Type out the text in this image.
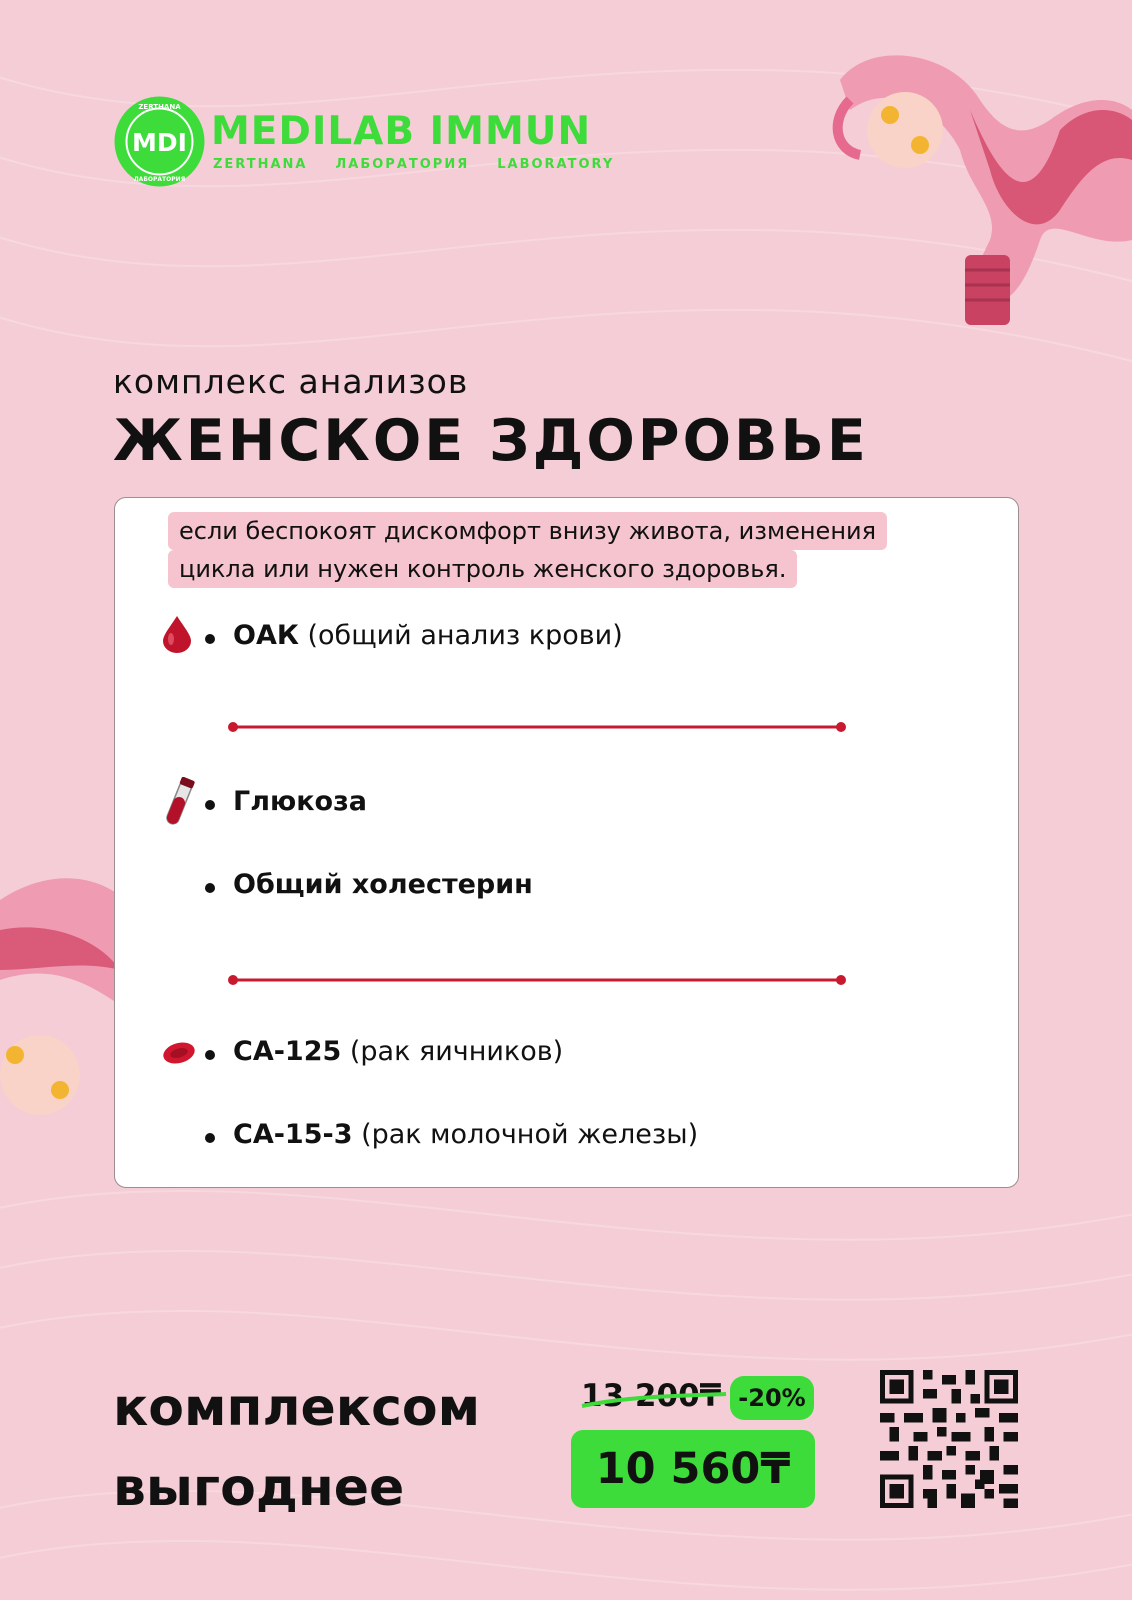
MDI
ZERTHANA
ЛАБОРАТОРИЯ
MEDILAB IMMUN
ZERTHANA ЛАБОРАТОРИЯ LABORATORY
комплекс анализов
ЖЕНСКОЕ ЗДОРОВЬЕ
если беспокоят дискомфорт внизу живота, изменения
цикла или нужен контроль женского здоровья.
ОАК (общий анализ крови)
Глюкоза
Общий холестерин
CA-125 (рак яичников)
CA-15-3 (рак молочной железы)
комплексом
выгоднее
13 200₸ -20%
10 560₸
